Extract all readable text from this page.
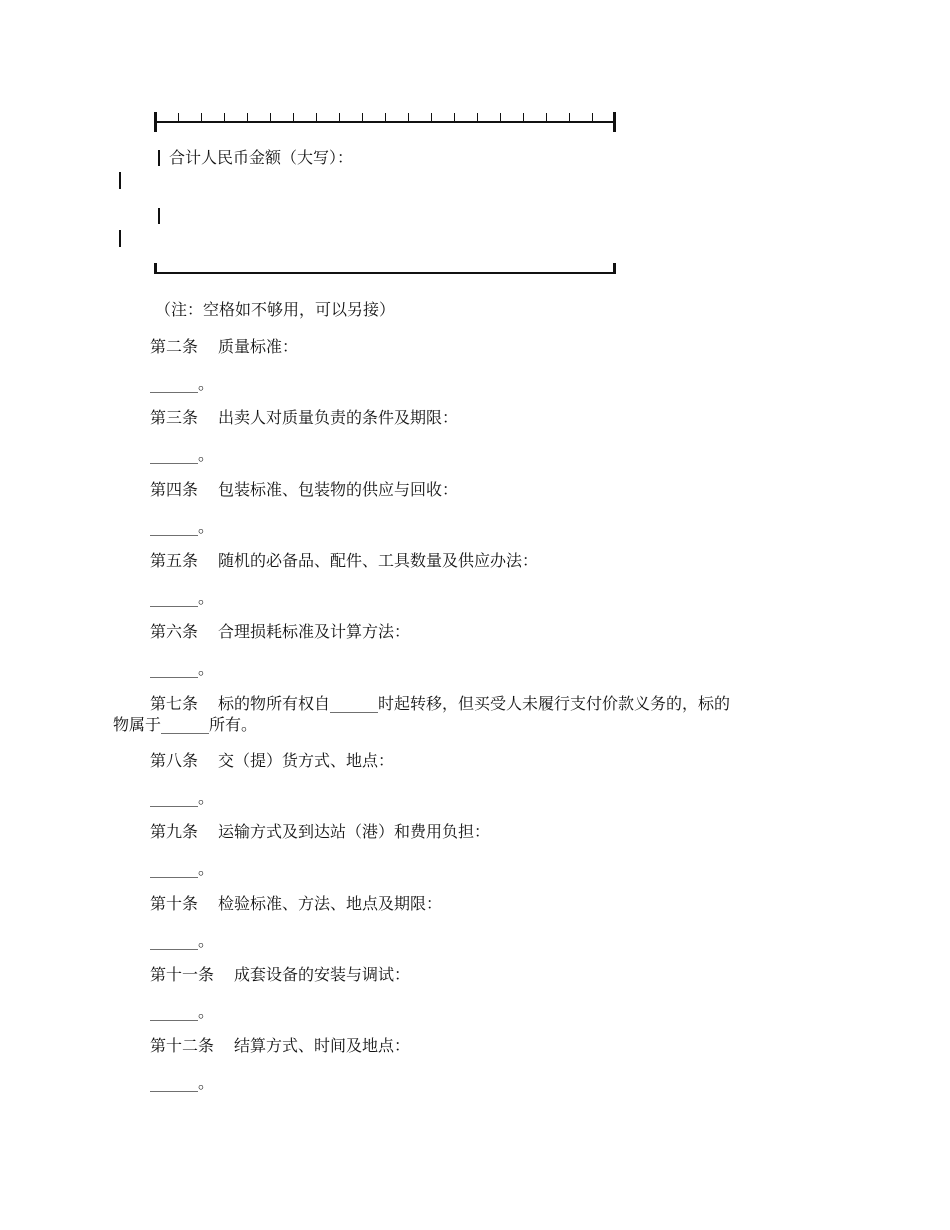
合计人民币金额（大写）：
（注：空格如不够用，可以另接）
第二条 质量标准：
______。
第三条 出卖人对质量负责的条件及期限：
______。
第四条 包装标准、包装物的供应与回收：
______。
第五条 随机的必备品、配件、工具数量及供应办法：
______。
第六条 合理损耗标准及计算方法：
______。
第七条 标的物所有权自______时起转移，但买受人未履行支付价款义务的，标的
物属于______所有。
第八条 交（提）货方式、地点：
______。
第九条 运输方式及到达站（港）和费用负担：
______。
第十条 检验标准、方法、地点及期限：
______。
第十一条 成套设备的安装与调试：
______。
第十二条 结算方式、时间及地点：
______。
